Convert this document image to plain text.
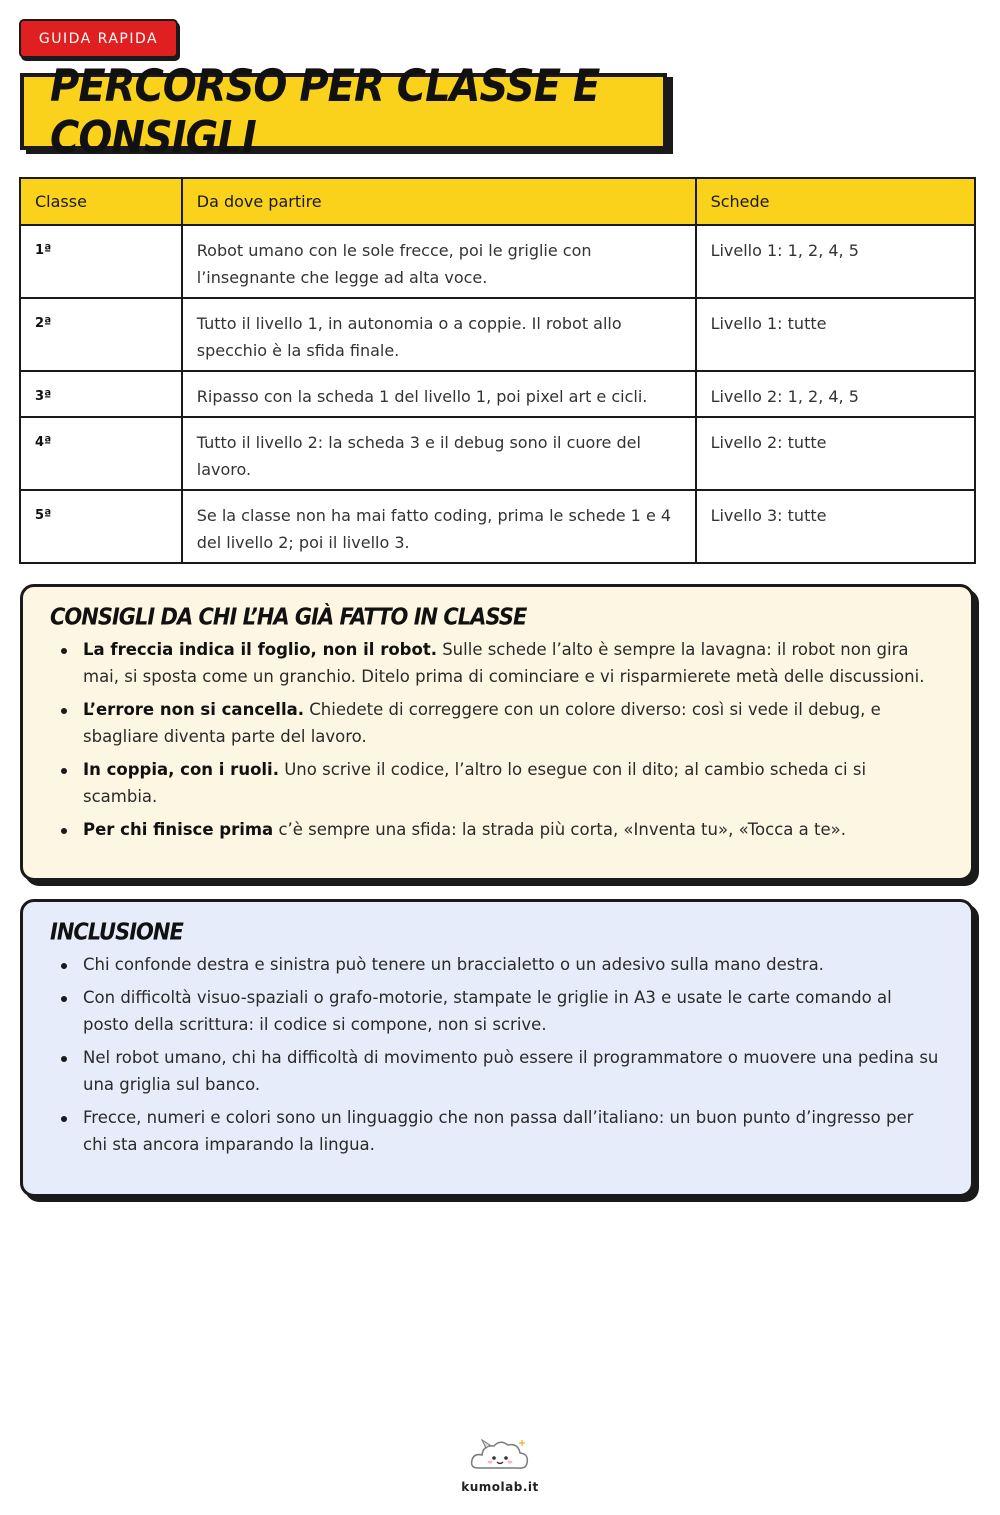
GUIDA RAPIDA
PERCORSO PER CLASSE E CONSIGLI
Classe	Da dove partire	Schede
1ª	Robot umano con le sole frecce, poi le griglie con l’insegnante che legge ad alta voce.	Livello 1: 1, 2, 4, 5
2ª	Tutto il livello 1, in autonomia o a coppie. Il robot allo specchio è la sfida finale.	Livello 1: tutte
3ª	Ripasso con la scheda 1 del livello 1, poi pixel art e cicli.	Livello 2: 1, 2, 4, 5
4ª	Tutto il livello 2: la scheda 3 e il debug sono il cuore del lavoro.	Livello 2: tutte
5ª	Se la classe non ha mai fatto coding, prima le schede 1 e 4 del livello 2; poi il livello 3.	Livello 3: tutte
CONSIGLI DA CHI L’HA GIÀ FATTO IN CLASSE
La freccia indica il foglio, non il robot. Sulle schede l’alto è sempre la lavagna: il robot non gira mai, si sposta come un granchio. Ditelo prima di cominciare e vi risparmierete metà delle discussioni.
L’errore non si cancella. Chiedete di correggere con un colore diverso: così si vede il debug, e sbagliare diventa parte del lavoro.
In coppia, con i ruoli. Uno scrive il codice, l’altro lo esegue con il dito; al cambio scheda ci si scambia.
Per chi finisce prima c’è sempre una sfida: la strada più corta, «Inventa tu», «Tocca a te».
INCLUSIONE
Chi confonde destra e sinistra può tenere un braccialetto o un adesivo sulla mano destra.
Con difficoltà visuo-spaziali o grafo-motorie, stampate le griglie in A3 e usate le carte comando al posto della scrittura: il codice si compone, non si scrive.
Nel robot umano, chi ha difficoltà di movimento può essere il programmatore o muovere una pedina su una griglia sul banco.
Frecce, numeri e colori sono un linguaggio che non passa dall’italiano: un buon punto d’ingresso per chi sta ancora imparando la lingua.
kumolab.it
